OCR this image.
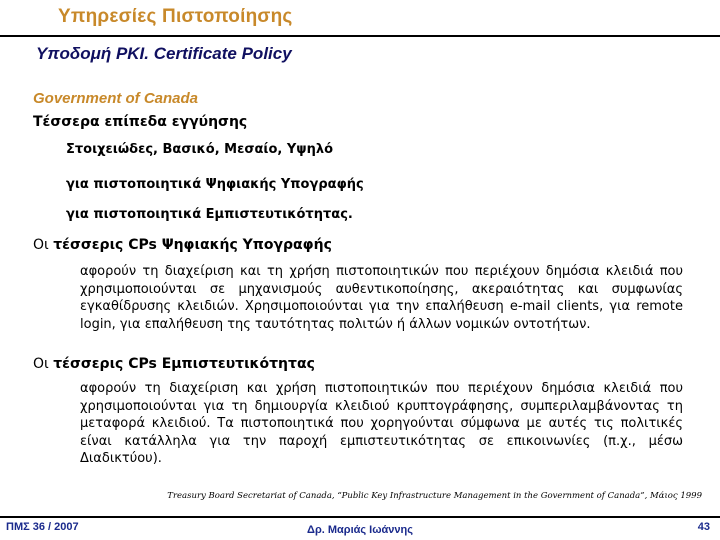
Υπηρεσίες Πιστοποίησης
Υποδομή PKI. Certificate Policy
Government of Canada
Τέσσερα επίπεδα εγγύησης
Στοιχειώδες, Βασικό, Μεσαίο, Υψηλό
για πιστοποιητικά Ψηφιακής Υπογραφής
για πιστοποιητικά Εμπιστευτικότητας.
Οι τέσσερις CPs Ψηφιακής Υπογραφής
αφορούν τη διαχείριση και τη χρήση πιστοποιητικών που περιέχουν δημόσια κλειδιά που χρησιμοποιούνται σε μηχανισμούς αυθεντικοποίησης, ακεραιότητας και συμφωνίας εγκαθίδρυσης κλειδιών. Χρησιμοποιούνται για την επαλήθευση e-mail clients, για remote login, για επαλήθευση της ταυτότητας πολιτών ή άλλων νομικών οντοτήτων.
Οι τέσσερις CPs Εμπιστευτικότητας
αφορούν τη διαχείριση και χρήση πιστοποιητικών που περιέχουν δημόσια κλειδιά που χρησιμοποιούνται για τη δημιουργία κλειδιού κρυπτογράφησης, συμπεριλαμβάνοντας τη μεταφορά κλειδιού. Τα πιστοποιητικά που χορηγούνται σύμφωνα με αυτές τις πολιτικές είναι κατάλληλα για την παροχή εμπιστευτικότητας σε επικοινωνίες (π.χ., μέσω Διαδικτύου).
Treasury Board Secretariat of Canada, “Public Key Infrastructure Management in the Government of Canada”, Μάιος 1999
ΠΜΣ 36 / 2007	Δρ. Μαριάς Ιωάννης	43
